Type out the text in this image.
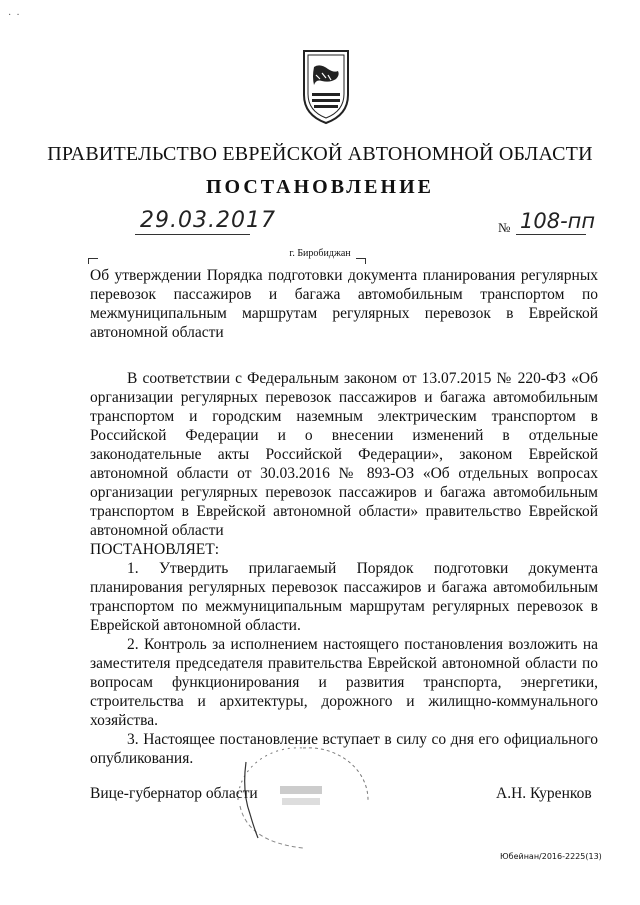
·  ·
ПРАВИТЕЛЬСТВО ЕВРЕЙСКОЙ АВТОНОМНОЙ ОБЛАСТИ
ПОСТАНОВЛЕНИЕ
29.03.2017	№ 108-пп
г. Биробиджан
Об утверждении Порядка подготовки документа планирования регулярных перевозок пассажиров и багажа автомобильным транспортом по межмуниципальным маршрутам регулярных перевозок в Еврейской автономной области

В соответствии с Федеральным законом от 13.07.2015 № 220-ФЗ «Об организации регулярных перевозок пассажиров и багажа автомобильным транспортом и городским наземным электрическим транспортом в Российской Федерации и о внесении изменений в отдельные законодательные акты Российской Федерации», законом Еврейской автономной области от 30.03.2016 № 893-ОЗ «Об отдельных вопросах организации регулярных перевозок пассажиров и багажа автомобильным транспортом в Еврейской автономной области» правительство Еврейской автономной области

ПОСТАНОВЛЯЕТ:

1. Утвердить прилагаемый Порядок подготовки документа планирования регулярных перевозок пассажиров и багажа автомобильным транспортом по межмуниципальным маршрутам регулярных перевозок в Еврейской автономной области.

2. Контроль за исполнением настоящего постановления возложить на заместителя председателя правительства Еврейской автономной области по вопросам функционирования и развития транспорта, энергетики, строительства и архитектуры, дорожного и жилищно-коммунального хозяйства.

3. Настоящее постановление вступает в силу со дня его официального опубликования.

Вице-губернатор области	А.Н. Куренков
Юбейнан/2016-2225(13)
